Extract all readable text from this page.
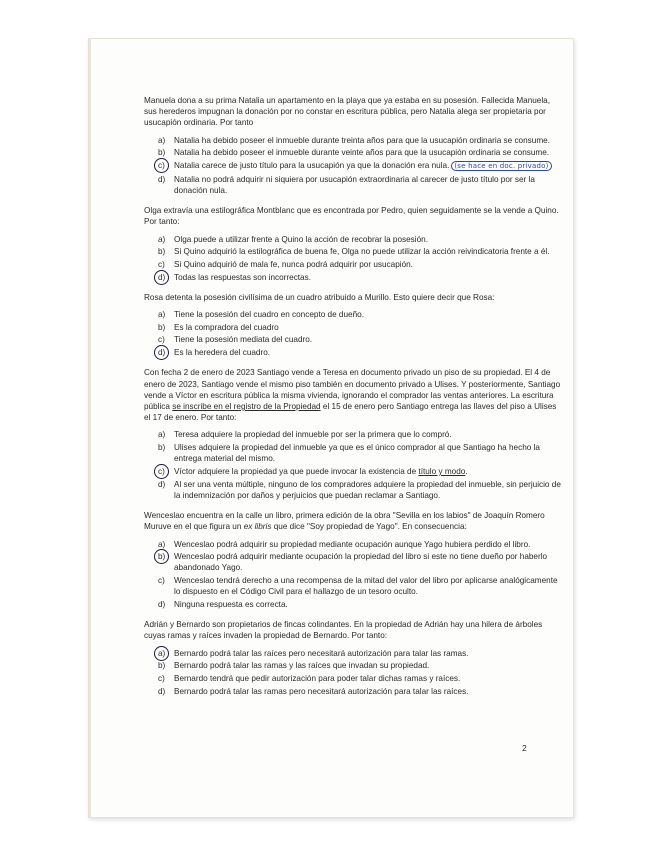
Manuela dona a su prima Natalia un apartamento en la playa que ya estaba en su posesión. Fallecida Manuela, sus herederos impugnan la donación por no constar en escritura pública, pero Natalia alega ser propietaria por usucapión ordinaria. Por tanto

a)	Natalia ha debido poseer el inmueble durante treinta años para que la usucapión ordinaria se consume.
b)	Natalia ha debido poseer el inmueble durante veinte años para que la usucapión ordinaria se consume.
c)	Natalia carece de justo título para la usucapión ya que la donación era nula. (se hace en doc. privado)
d)	Natalia no podrá adquirir ni siquiera por usucapión extraordinaria al carecer de justo título por ser la donación nula.

Olga extravía una estilográfica Montblanc que es encontrada por Pedro, quien seguidamente se la vende a Quino. Por tanto:

a)	Olga puede a utilizar frente a Quino la acción de recobrar la posesión.
b)	Si Quino adquirió la estilográfica de buena fe, Olga no puede utilizar la acción reivindicatoria frente a él.
c)	Si Quino adquirió de mala fe, nunca podrá adquirir por usucapión.
d)	Todas las respuestas son incorrectas.

Rosa detenta la posesión civilísima de un cuadro atribuido a Murillo. Esto quiere decir que Rosa:

a)	Tiene la posesión del cuadro en concepto de dueño.
b)	Es la compradora del cuadro
c)	Tiene la posesión mediata del cuadro.
d)	Es la heredera del cuadro.

Con fecha 2 de enero de 2023 Santiago vende a Teresa en documento privado un piso de su propiedad. El 4 de enero de 2023, Santiago vende el mismo piso también en documento privado a Ulises. Y posteriormente, Santiago vende a Víctor en escritura pública la misma vivienda, ignorando el comprador las ventas anteriores. La escritura pública se inscribe en el registro de la Propiedad el 15 de enero pero Santiago entrega las llaves del piso a Ulises el 17 de enero. Por tanto:

a)	Teresa adquiere la propiedad del inmueble por ser la primera que lo compró.
b)	Ulises adquiere la propiedad del inmueble ya que es el único comprador al que Santiago ha hecho la entrega material del mismo.
c)	Víctor adquiere la propiedad ya que puede invocar la existencia de título y modo.
d)	Al ser una venta múltiple, ninguno de los compradores adquiere la propiedad del inmueble, sin perjuicio de la indemnización por daños y perjuicios que puedan reclamar a Santiago.

Wenceslao encuentra en la calle un libro, primera edición de la obra "Sevilla en los labios" de Joaquín Romero Muruve en el que figura un ex libris que dice "Soy propiedad de Yago". En consecuencia:

a)	Wenceslao podrá adquirir su propiedad mediante ocupación aunque Yago hubiera perdido el libro.
b)	Wenceslao podrá adquirir mediante ocupación la propiedad del libro si este no tiene dueño por haberlo abandonado Yago.
c)	Wenceslao tendrá derecho a una recompensa de la mitad del valor del libro por aplicarse analógicamente lo dispuesto en el Código Civil para el hallazgo de un tesoro oculto.
d)	Ninguna respuesta es correcta.

Adrián y Bernardo son propietarios de fincas colindantes. En la propiedad de Adrián hay una hilera de árboles cuyas ramas y raíces invaden la propiedad de Bernardo. Por tanto:

a)	Bernardo podrá talar las raíces pero necesitará autorización para talar las ramas.
b)	Bernardo podrá talar las ramas y las raíces que invadan su propiedad.
c)	Bernardo tendrá que pedir autorización para poder talar dichas ramas y raíces.
d)	Bernardo podrá talar las ramas pero necesitará autorización para talar las raíces.
2
